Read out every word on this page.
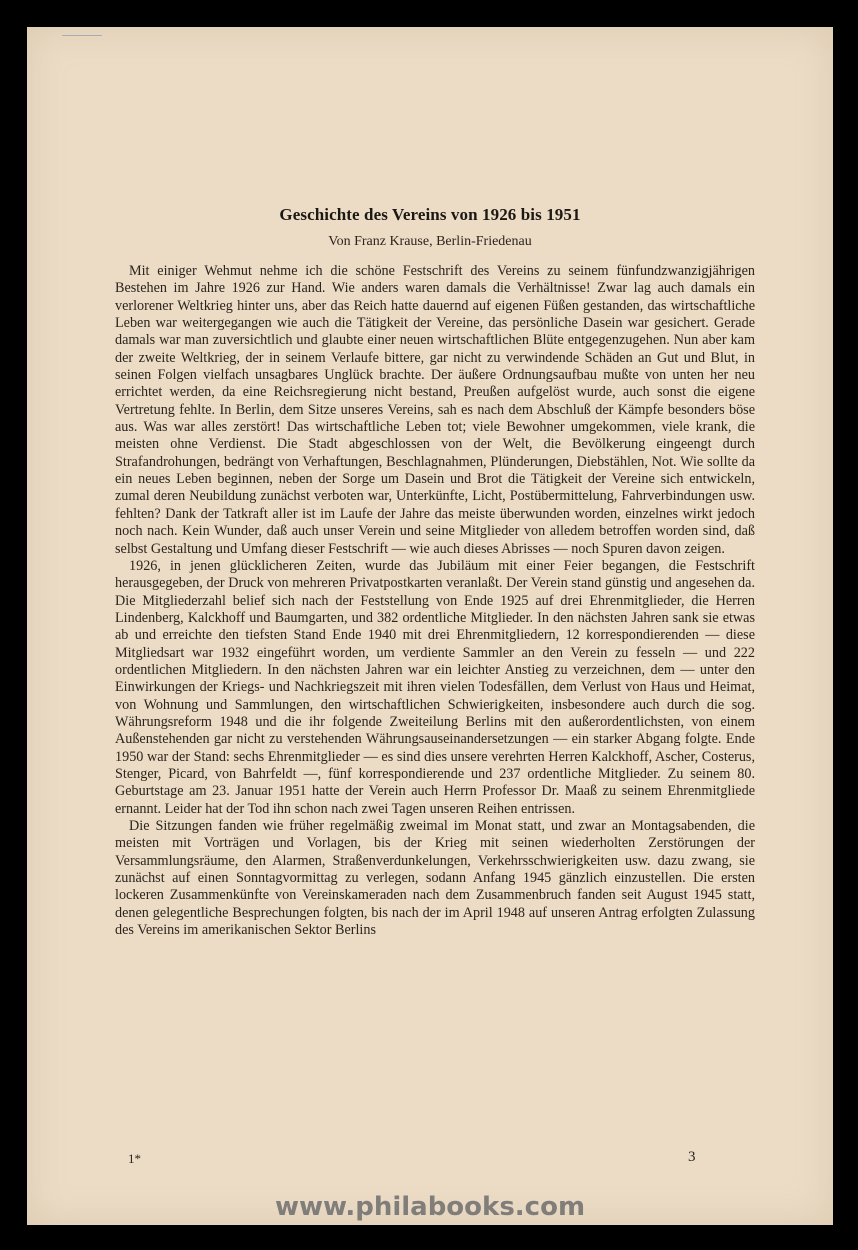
Geschichte des Vereins von 1926 bis 1951
Von Franz Krause, Berlin-Friedenau

Mit einiger Wehmut nehme ich die schöne Festschrift des Vereins zu seinem fünfundzwanzigjährigen Bestehen im Jahre 1926 zur Hand. Wie anders waren damals die Verhältnisse! Zwar lag auch damals ein verlorener Weltkrieg hinter uns, aber das Reich hatte dauernd auf eigenen Füßen gestanden, das wirtschaftliche Leben war weitergegangen wie auch die Tätigkeit der Vereine, das persönliche Dasein war gesichert. Gerade damals war man zuversichtlich und glaubte einer neuen wirtschaftlichen Blüte entgegenzugehen. Nun aber kam der zweite Weltkrieg, der in seinem Verlaufe bittere, gar nicht zu verwindende Schäden an Gut und Blut, in seinen Folgen vielfach unsagbares Unglück brachte. Der äußere Ordnungsaufbau mußte von unten her neu errichtet werden, da eine Reichsregierung nicht bestand, Preußen aufgelöst wurde, auch sonst die eigene Vertretung fehlte. In Berlin, dem Sitze unseres Vereins, sah es nach dem Abschluß der Kämpfe besonders böse aus. Was war alles zerstört! Das wirtschaftliche Leben tot; viele Bewohner umgekommen, viele krank, die meisten ohne Verdienst. Die Stadt abgeschlossen von der Welt, die Bevölkerung eingeengt durch Strafandrohungen, bedrängt von Verhaftungen, Beschlagnahmen, Plünderungen, Diebstählen, Not. Wie sollte da ein neues Leben beginnen, neben der Sorge um Dasein und Brot die Tätigkeit der Vereine sich entwickeln, zumal deren Neubildung zunächst verboten war, Unterkünfte, Licht, Postübermittelung, Fahrverbindungen usw. fehlten? Dank der Tatkraft aller ist im Laufe der Jahre das meiste überwunden worden, einzelnes wirkt jedoch noch nach. Kein Wunder, daß auch unser Verein und seine Mitglieder von alledem betroffen worden sind, daß selbst Gestaltung und Umfang dieser Festschrift — wie auch dieses Abrisses — noch Spuren davon zeigen.

1926, in jenen glücklicheren Zeiten, wurde das Jubiläum mit einer Feier begangen, die Festschrift herausgegeben, der Druck von mehreren Privatpostkarten veranlaßt. Der Verein stand günstig und angesehen da. Die Mitgliederzahl belief sich nach der Feststellung von Ende 1925 auf drei Ehrenmitglieder, die Herren Lindenberg, Kalckhoff und Baumgarten, und 382 ordentliche Mitglieder. In den nächsten Jahren sank sie etwas ab und erreichte den tiefsten Stand Ende 1940 mit drei Ehrenmitgliedern, 12 korrespondierenden — diese Mitgliedsart war 1932 eingeführt worden, um verdiente Sammler an den Verein zu fesseln — und 222 ordentlichen Mitgliedern. In den nächsten Jahren war ein leichter Anstieg zu verzeichnen, dem — unter den Einwirkungen der Kriegs- und Nachkriegszeit mit ihren vielen Todesfällen, dem Verlust von Haus und Heimat, von Wohnung und Sammlungen, den wirtschaftlichen Schwierigkeiten, insbesondere auch durch die sog. Währungsreform 1948 und die ihr folgende Zweiteilung Berlins mit den außerordentlichsten, von einem Außenstehenden gar nicht zu verstehenden Währungsauseinandersetzungen — ein starker Abgang folgte. Ende 1950 war der Stand: sechs Ehrenmitglieder — es sind dies unsere verehrten Herren Kalckhoff, Ascher, Costerus, Stenger, Picard, von Bahrfeldt —, fünf korrespondierende und 237 ordentliche Mitglieder. Zu seinem 80. Geburtstage am 23. Januar 1951 hatte der Verein auch Herrn Professor Dr. Maaß zu seinem Ehrenmitgliede ernannt. Leider hat der Tod ihn schon nach zwei Tagen unseren Reihen entrissen.

Die Sitzungen fanden wie früher regelmäßig zweimal im Monat statt, und zwar an Montagsabenden, die meisten mit Vorträgen und Vorlagen, bis der Krieg mit seinen wiederholten Zerstörungen der Versammlungsräume, den Alarmen, Straßenverdunkelungen, Verkehrsschwierigkeiten usw. dazu zwang, sie zunächst auf einen Sonntagvormittag zu verlegen, sodann Anfang 1945 gänzlich einzustellen. Die ersten lockeren Zusammenkünfte von Vereinskameraden nach dem Zusammenbruch fanden seit August 1945 statt, denen gelegentliche Besprechungen folgten, bis nach der im April 1948 auf unseren Antrag erfolgten Zulassung des Vereins im amerikanischen Sektor Berlins

1*	3
www.philabooks.com
